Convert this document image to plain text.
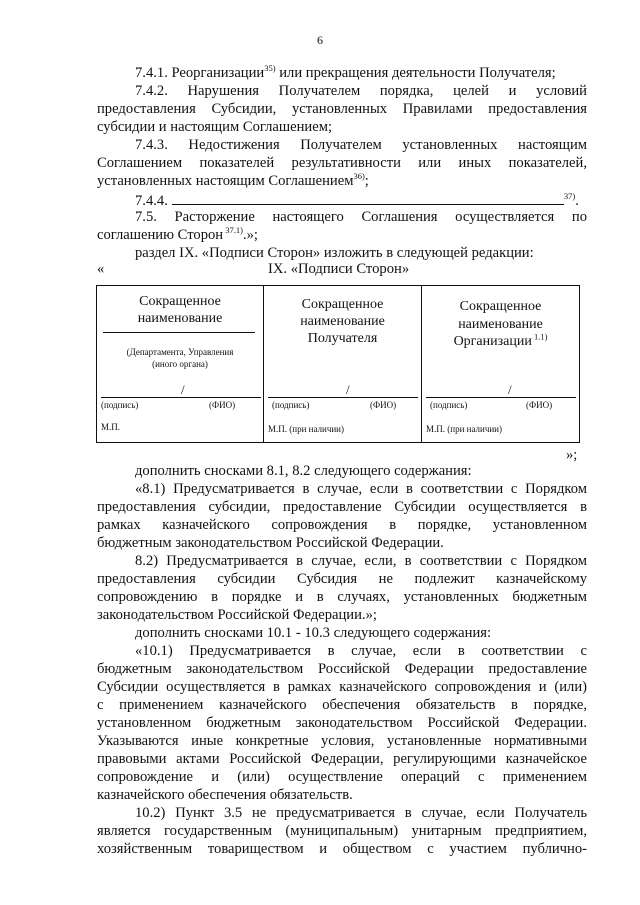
6
7.4.1. Реорганизации$^{35)}$ или прекращения деятельности Получателя;
7.4.2. Нарушения Получателем порядка, целей и условий
предоставления Субсидии, установленных Правилами предоставления
субсидии и настоящим Соглашением;
7.4.3. Недостижения Получателем установленных настоящим
Соглашением показателей результативности или иных показателей,
установленных настоящим Соглашением$^{36)}$;
7.4.4.	$^{37)}$.
7.5. Расторжение настоящего Соглашения осуществляется по
соглашению Сторон $^{37.1)}$.»;
раздел IX. «Подписи Сторон» изложить в следующей редакции:
«	IX. «Подписи Сторон»
Сокращенное
наименование
(Департамента, Управления
(иного органа)
/
(подпись)	(ФИО)
М.П.
Сокращенное
наименование
Получателя
/
(подпись)	(ФИО)
М.П. (при наличии)
Сокращенное
наименование
Организации $^{1.1)}$
/
(подпись)	(ФИО)
М.П. (при наличии)
»;
дополнить сносками 8.1, 8.2 следующего содержания:
«8.1) Предусматривается в случае, если в соответствии с Порядком
предоставления субсидии, предоставление Субсидии осуществляется в
рамках казначейского сопровождения в порядке, установленном
бюджетным законодательством Российской Федерации.
8.2) Предусматривается в случае, если, в соответствии с Порядком
предоставления субсидии Субсидия не подлежит казначейскому
сопровождению в порядке и в случаях, установленных бюджетным
законодательством Российской Федерации.»;
дополнить сносками 10.1 - 10.3 следующего содержания:
«10.1) Предусматривается в случае, если в соответствии с
бюджетным законодательством Российской Федерации предоставление
Субсидии осуществляется в рамках казначейского сопровождения и (или)
с применением казначейского обеспечения обязательств в порядке,
установленном бюджетным законодательством Российской Федерации.
Указываются иные конкретные условия, установленные нормативными
правовыми актами Российской Федерации, регулирующими казначейское
сопровождение и (или) осуществление операций с применением
казначейского обеспечения обязательств.
10.2) Пункт 3.5 не предусматривается в случае, если Получатель
является государственным (муниципальным) унитарным предприятием,
хозяйственным товариществом и обществом с участием публично-
